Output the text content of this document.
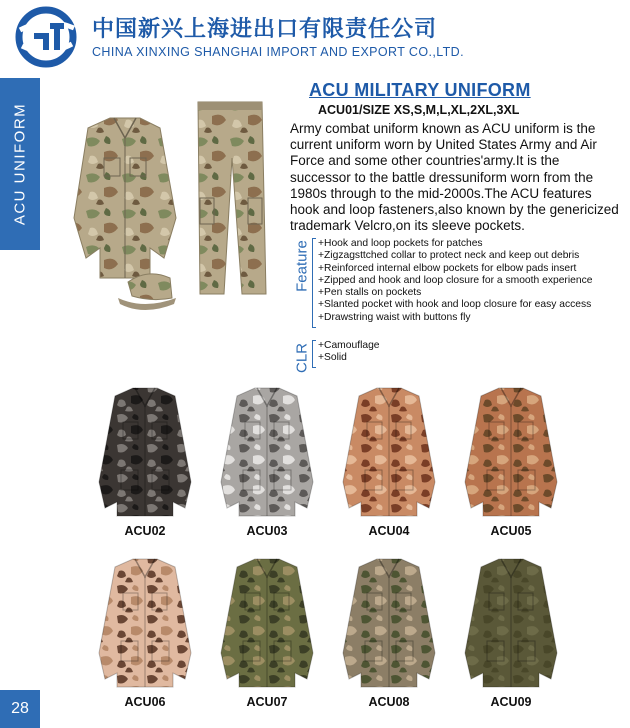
中国新兴上海进出口有限责任公司
CHINA XINXING SHANGHAI IMPORT AND EXPORT CO.,LTD.
ACU UNIFORM
28
ACU MILITARY UNIFORM
ACU01/SIZE XS,S,M,L,XL,2XL,3XL
Army combat uniform known as ACU uniform is the current uniform worn by United States Army and Air Force and some other countries'army.It is the successor to the battle dressuniform worn from the 1980s through to the mid-2000s.The ACU features hook and loop fasteners,also known by the genericized trademark Velcro,on its sleeve pockets.
Feature +Hook and loop pockets for patches
+Zigzagsttched collar to protect neck and keep out debris
+Reinforced internal elbow pockets for elbow pads insert
+Zipped and hook and loop closure for a smooth experience
+Pen stalls on pockets
+Slanted pocket with hook and loop closure for easy access
+Drawstring waist with buttons fly
CLR +Camouflage
+Solid
ACU02	ACU03	ACU04	ACU05
ACU06	ACU07	ACU08	ACU09
